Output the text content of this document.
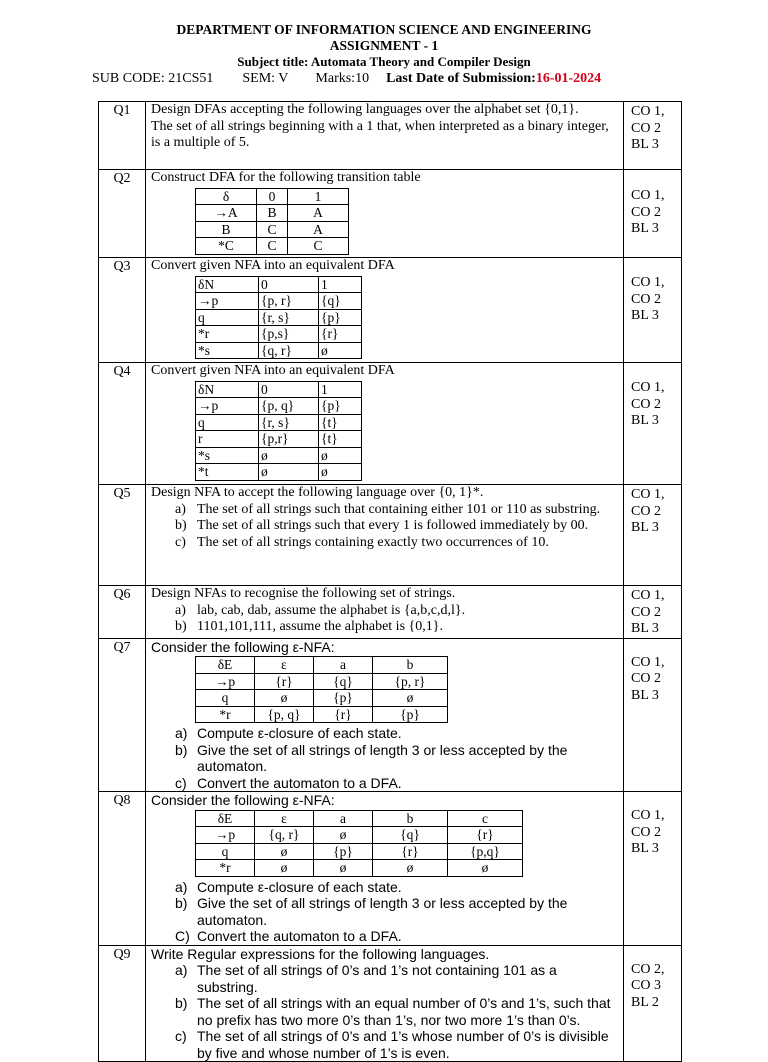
DEPARTMENT OF INFORMATION SCIENCE AND ENGINEERING
ASSIGNMENT - 1
Subject title: Automata Theory and Compiler Design
SUB CODE: 21CS51 SEM: V Marks:10 Last Date of Submission:16-01-2024
Q1	Design DFAs accepting the following languages over the alphabet set {0,1}.
The set of all strings beginning with a 1 that, when interpreted as a binary integer, is a multiple of 5.

CO 1,
CO 2
BL 3

Q2	Construct DFA for the following transition table
δ	0	1
→A	B	A
B	C	A
*C	C	C

CO 1,
CO 2
BL 3

Q3	Convert given NFA into an equivalent DFA
δN	0	1
→p	{p, r}	{q}
q	{r, s}	{p}
*r	{p,s}	{r}
*s	{q, r}	ø

CO 1,
CO 2
BL 3

Q4	Convert given NFA into an equivalent DFA
δN	0	1
→p	{p, q}	{p}
q	{r, s}	{t}
r	{p,r}	{t}
*s	ø	ø
*t	ø	ø

CO 1,
CO 2
BL 3

Q5	Design NFA to accept the following language over {0, 1}*.
a) The set of all strings such that containing either 101 or 110 as substring.
b) The set of all strings such that every 1 is followed immediately by 00.
c) The set of all strings containing exactly two occurrences of 10.

CO 1,
CO 2
BL 3

Q6	Design NFAs to recognise the following set of strings.
a) lab, cab, dab, assume the alphabet is {a,b,c,d,l}.
b) 1101,101,111, assume the alphabet is {0,1}.

CO 1,
CO 2
BL 3

Q7	Consider the following ε-NFA:
δE	ε	a	b
→p	{r}	{q}	{p, r}
q	ø	{p}	ø
*r	{p, q}	{r}	{p}
a) Compute ε-closure of each state.
b) Give the set of all strings of length 3 or less accepted by the automaton.
c) Convert the automaton to a DFA.

CO 1,
CO 2
BL 3

Q8	Consider the following ε-NFA:
δE	ε	a	b	c
→p	{q, r}	ø	{q}	{r}
q	ø	{p}	{r}	{p,q}
*r	ø	ø	ø	ø
a) Compute ε-closure of each state.
b) Give the set of all strings of length 3 or less accepted by the automaton.
C) Convert the automaton to a DFA.

CO 1,
CO 2
BL 3

Q9	Write Regular expressions for the following languages.
a) The set of all strings of 0’s and 1’s not containing 101 as a substring.
b) The set of all strings with an equal number of 0’s and 1’s, such that no prefix has two more 0’s than 1’s, nor two more 1’s than 0’s.
c) The set of all strings of 0’s and 1’s whose number of 0’s is divisible by five and whose number of 1’s is even.

CO 2,
CO 3
BL 2
